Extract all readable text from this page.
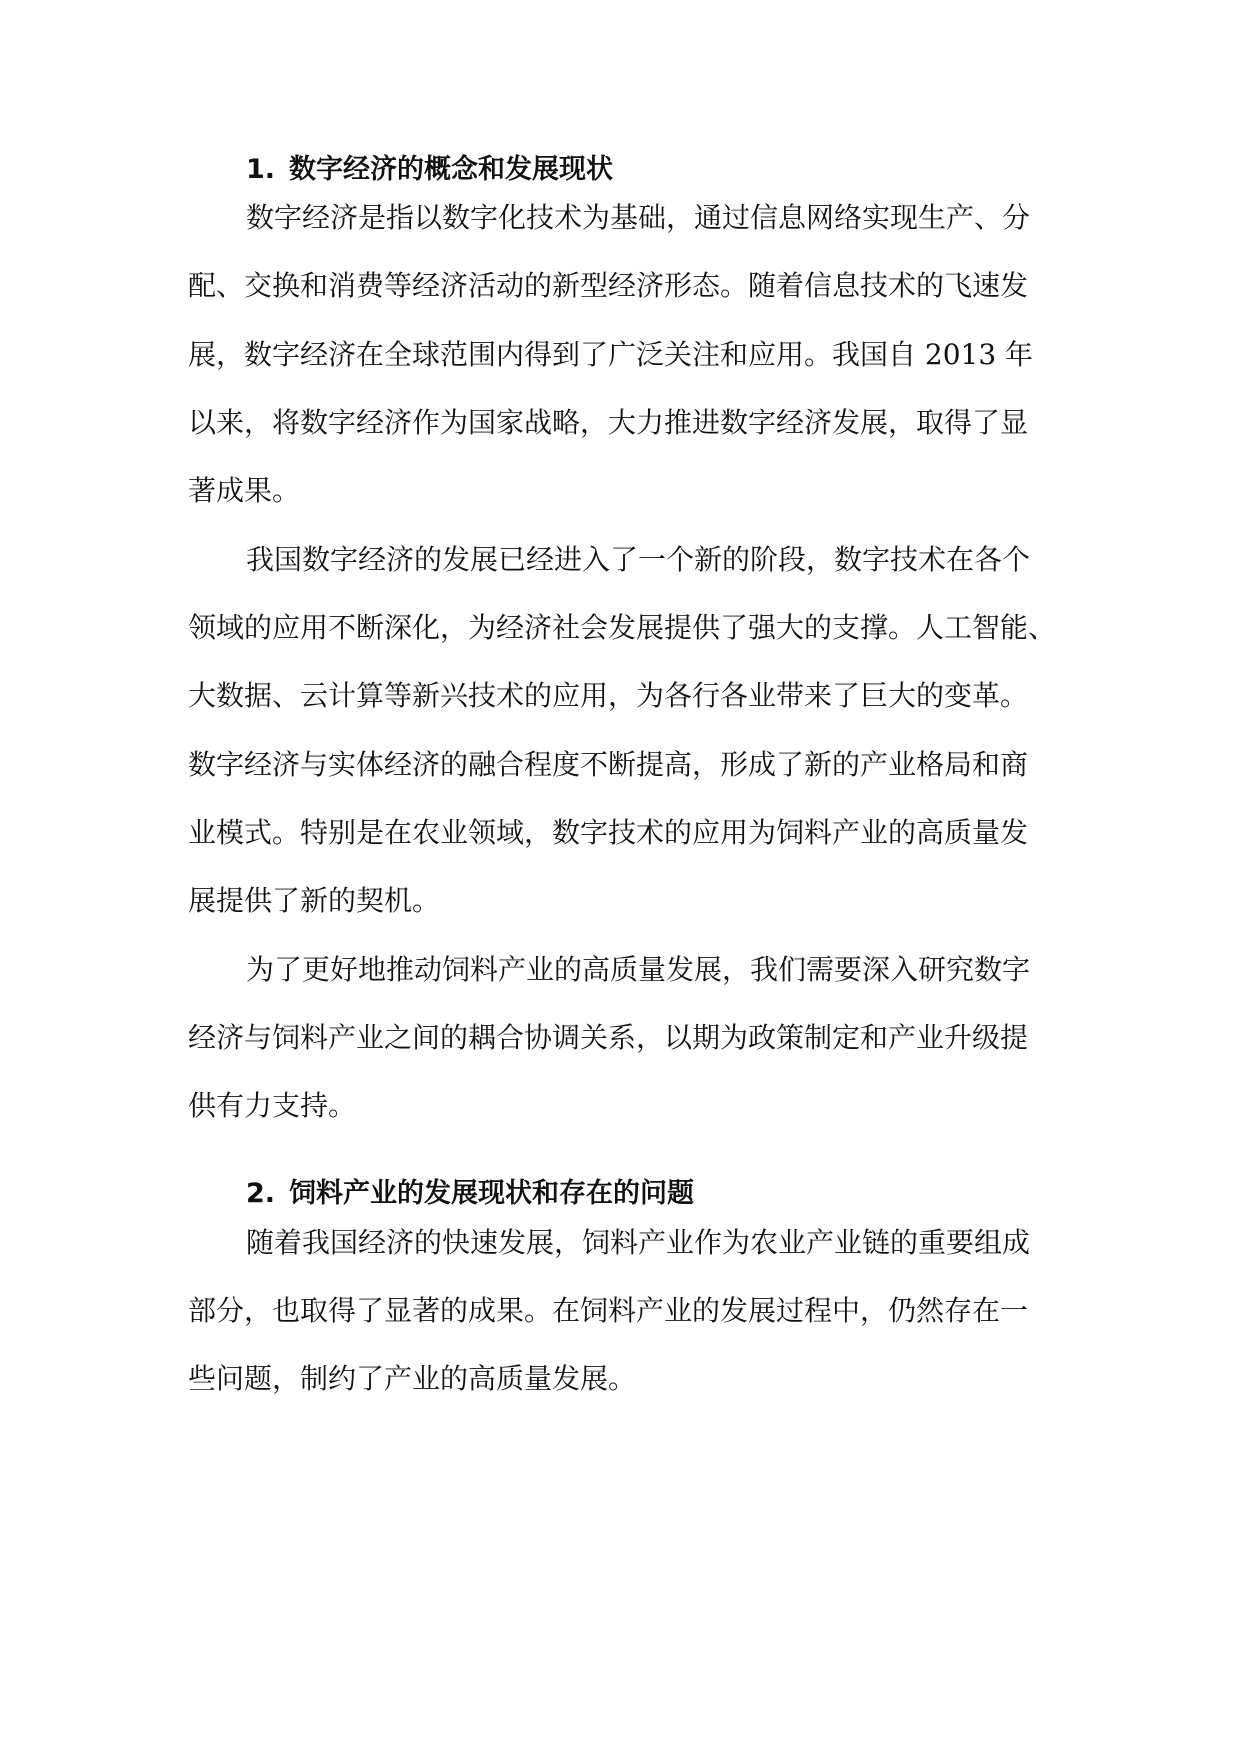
1. 数字经济的概念和发展现状

数字经济是指以数字化技术为基础，通过信息网络实现生产、分

配、交换和消费等经济活动的新型经济形态。随着信息技术的飞速发

展，数字经济在全球范围内得到了广泛关注和应用。我国自 2013 年

以来，将数字经济作为国家战略，大力推进数字经济发展，取得了显

著成果。

我国数字经济的发展已经进入了一个新的阶段，数字技术在各个

领域的应用不断深化，为经济社会发展提供了强大的支撑。人工智能、

大数据、云计算等新兴技术的应用，为各行各业带来了巨大的变革。

数字经济与实体经济的融合程度不断提高，形成了新的产业格局和商

业模式。特别是在农业领域，数字技术的应用为饲料产业的高质量发

展提供了新的契机。

为了更好地推动饲料产业的高质量发展，我们需要深入研究数字

经济与饲料产业之间的耦合协调关系，以期为政策制定和产业升级提

供有力支持。

2. 饲料产业的发展现状和存在的问题

随着我国经济的快速发展，饲料产业作为农业产业链的重要组成

部分，也取得了显著的成果。在饲料产业的发展过程中，仍然存在一

些问题，制约了产业的高质量发展。
